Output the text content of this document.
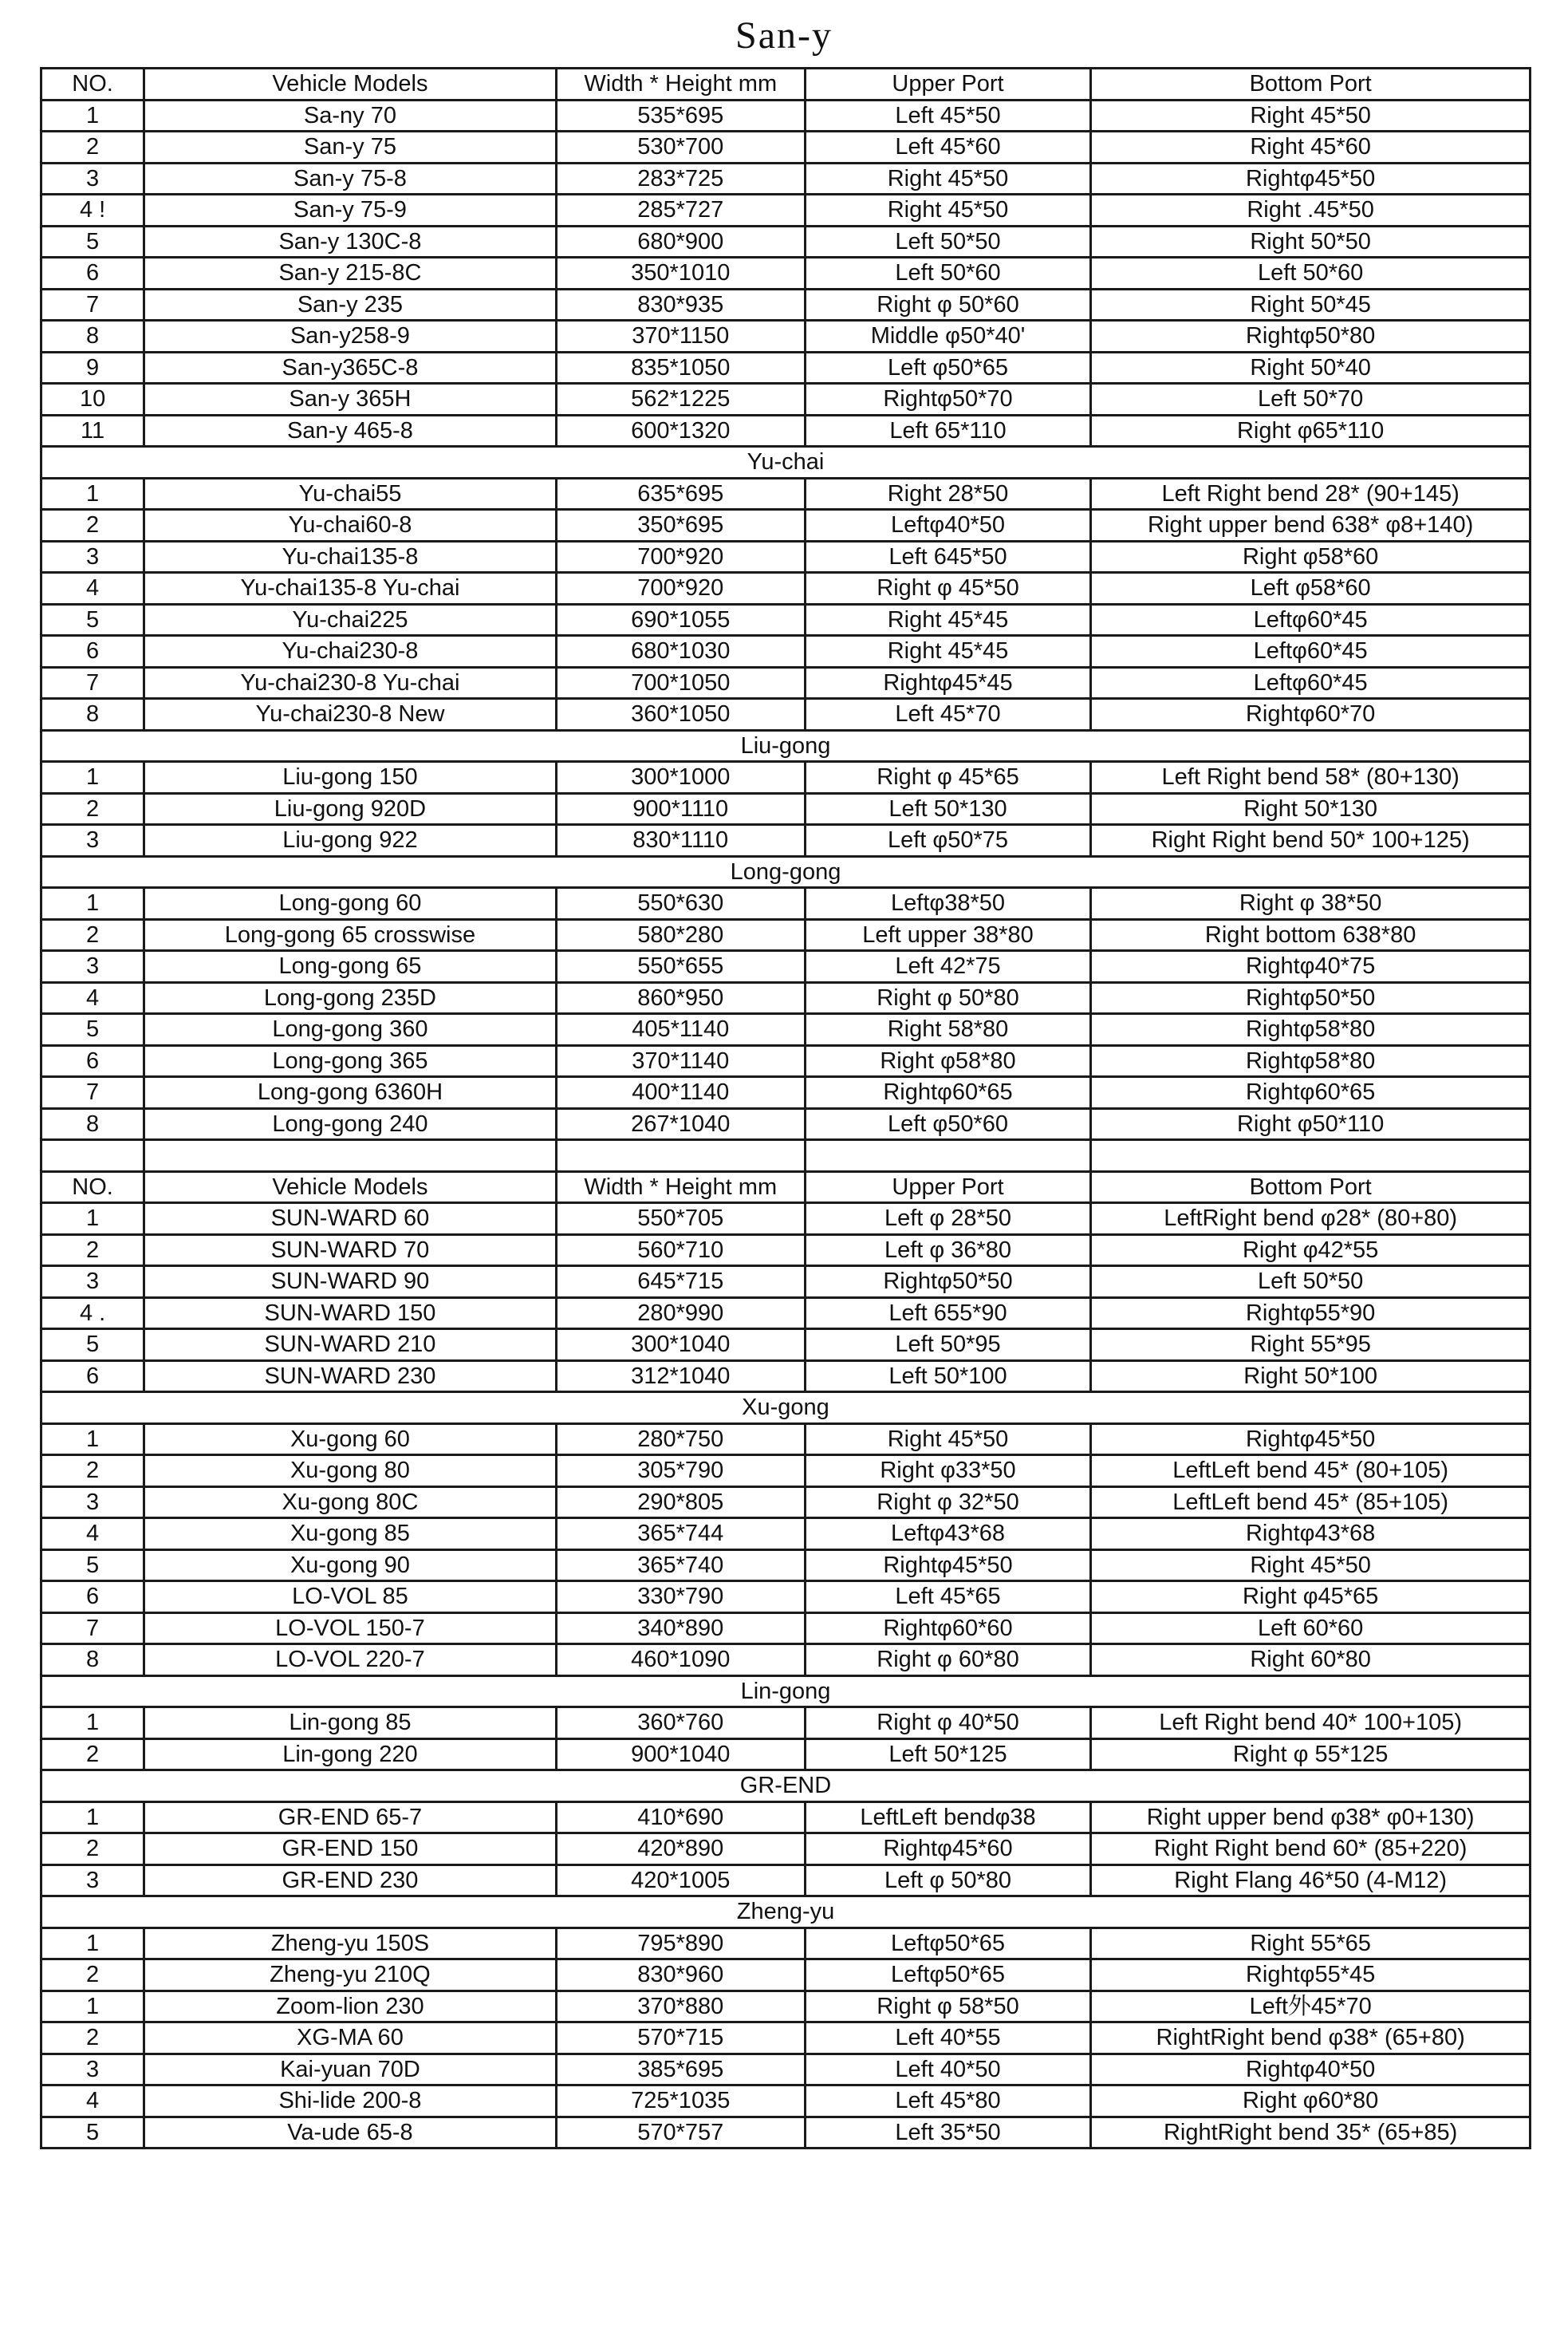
San-y
NO.	Vehicle Models	Width * Height mm	Upper Port	Bottom Port
1	Sa-ny 70	535*695	Left 45*50	Right 45*50
2	San-y 75	530*700	Left 45*60	Right 45*60
3	San-y 75-8	283*725	Right 45*50	Rightφ45*50
4 !	San-y 75-9	285*727	Right 45*50	Right .45*50
5	San-y 130C-8	680*900	Left 50*50	Right 50*50
6	San-y 215-8C	350*1010	Left 50*60	Left 50*60
7	San-y 235	830*935	Right φ 50*60	Right 50*45
8	San-y258-9	370*1150	Middle φ50*40'	Rightφ50*80
9	San-y365C-8	835*1050	Left φ50*65	Right 50*40
10	San-y 365H	562*1225	Rightφ50*70	Left 50*70
11	San-y 465-8	600*1320	Left 65*110	Right φ65*110
Yu-chai				
1	Yu-chai55	635*695	Right 28*50	Left Right bend 28* (90+145)
2	Yu-chai60-8	350*695	Leftφ40*50	Right upper bend 638* φ8+140)
3	Yu-chai135-8	700*920	Left 645*50	Right φ58*60
4	Yu-chai135-8 Yu-chai	700*920	Right φ 45*50	Left φ58*60
5	Yu-chai225	690*1055	Right 45*45	Leftφ60*45
6	Yu-chai230-8	680*1030	Right 45*45	Leftφ60*45
7	Yu-chai230-8 Yu-chai	700*1050	Rightφ45*45	Leftφ60*45
8	Yu-chai230-8 New	360*1050	Left 45*70	Rightφ60*70
Liu-gong				
1	Liu-gong 150	300*1000	Right φ 45*65	Left Right bend 58* (80+130)
2	Liu-gong 920D	900*1110	Left 50*130	Right 50*130
3	Liu-gong 922	830*1110	Left φ50*75	Right Right bend 50* 100+125)
Long-gong				
1	Long-gong 60	550*630	Leftφ38*50	Right φ 38*50
2	Long-gong 65 crosswise	580*280	Left upper 38*80	Right bottom 638*80
3	Long-gong 65	550*655	Left 42*75	Rightφ40*75
4	Long-gong 235D	860*950	Right φ 50*80	Rightφ50*50
5	Long-gong 360	405*1140	Right 58*80	Rightφ58*80
6	Long-gong 365	370*1140	Right φ58*80	Rightφ58*80
7	Long-gong 6360H	400*1140	Rightφ60*65	Rightφ60*65
8	Long-gong 240	267*1040	Left φ50*60	Right φ50*110

NO.	Vehicle Models	Width * Height mm	Upper Port	Bottom Port
1	SUN-WARD 60	550*705	Left φ 28*50	LeftRight bend φ28* (80+80)
2	SUN-WARD 70	560*710	Left φ 36*80	Right φ42*55
3	SUN-WARD 90	645*715	Rightφ50*50	Left 50*50
4 .	SUN-WARD 150	280*990	Left 655*90	Rightφ55*90
5	SUN-WARD 210	300*1040	Left 50*95	Right 55*95
6	SUN-WARD 230	312*1040	Left 50*100	Right 50*100
Xu-gong				
1	Xu-gong 60	280*750	Right 45*50	Rightφ45*50
2	Xu-gong 80	305*790	Right φ33*50	LeftLeft bend 45* (80+105)
3	Xu-gong 80C	290*805	Right φ 32*50	LeftLeft bend 45* (85+105)
4	Xu-gong 85	365*744	Leftφ43*68	Rightφ43*68
5	Xu-gong 90	365*740	Rightφ45*50	Right 45*50
6	LO-VOL 85	330*790	Left 45*65	Right φ45*65
7	LO-VOL 150-7	340*890	Rightφ60*60	Left 60*60
8	LO-VOL 220-7	460*1090	Right φ 60*80	Right 60*80
Lin-gong				
1	Lin-gong 85	360*760	Right φ 40*50	Left Right bend 40* 100+105)
2	Lin-gong 220	900*1040	Left 50*125	Right φ 55*125
GR-END				
1	GR-END 65-7	410*690	LeftLeft bendφ38	Right upper bend φ38* φ0+130)
2	GR-END 150	420*890	Rightφ45*60	Right Right bend 60* (85+220)
3	GR-END 230	420*1005	Left φ 50*80	Right Flang 46*50 (4-M12)
Zheng-yu				
1	Zheng-yu 150S	795*890	Leftφ50*65	Right 55*65
2	Zheng-yu 210Q	830*960	Leftφ50*65	Rightφ55*45
1	Zoom-lion 230	370*880	Right φ 58*50	Left外45*70
2	XG-MA 60	570*715	Left 40*55	RightRight bend φ38* (65+80)
3	Kai-yuan 70D	385*695	Left 40*50	Rightφ40*50
4	Shi-lide 200-8	725*1035	Left 45*80	Right φ60*80
5	Va-ude 65-8	570*757	Left 35*50	RightRight bend 35* (65+85)
